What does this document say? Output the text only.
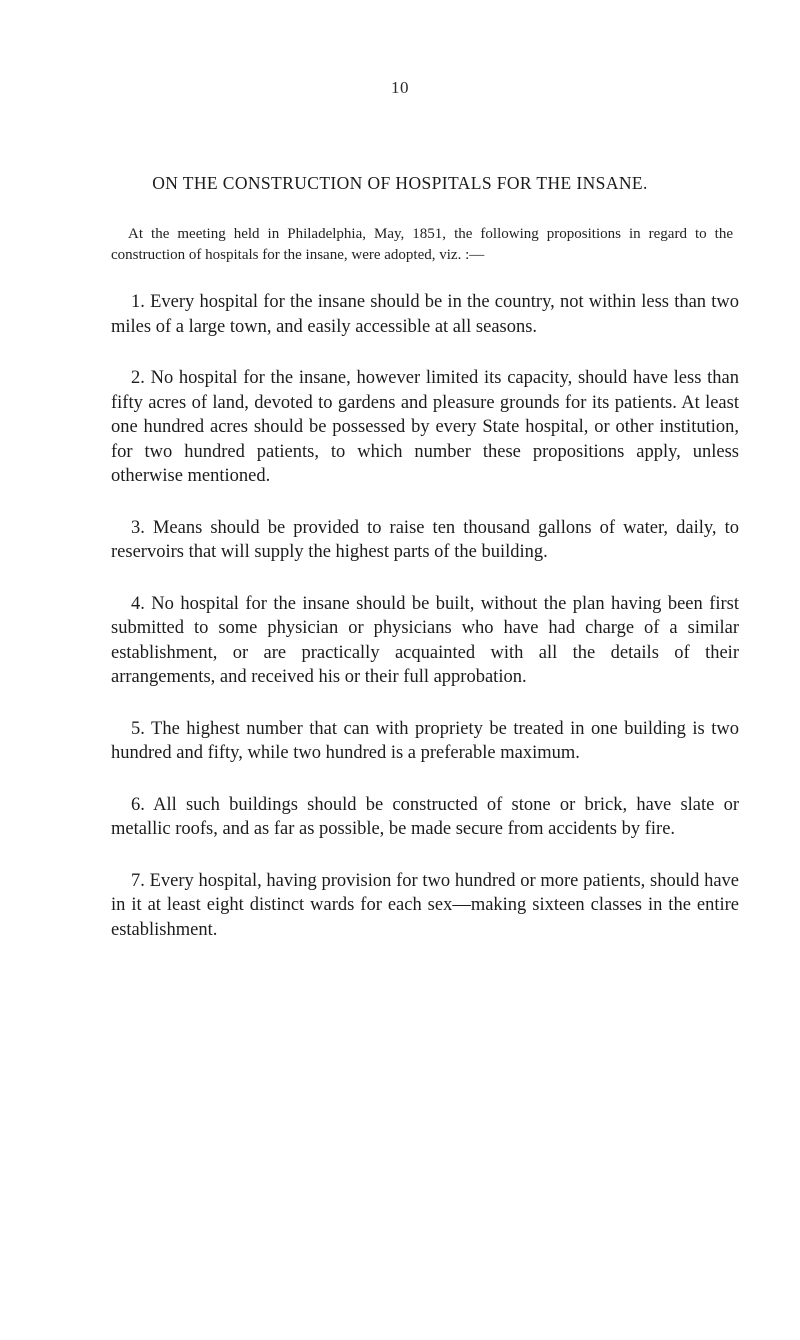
10
ON THE CONSTRUCTION OF HOSPITALS FOR THE INSANE.

At the meeting held in Philadelphia, May, 1851, the following propositions in regard to the construction of hospitals for the insane, were adopted, viz. :—

1. Every hospital for the insane should be in the country, not within less than two miles of a large town, and easily accessible at all seasons.
2. No hospital for the insane, however limited its capacity, should have less than fifty acres of land, devoted to gardens and pleasure grounds for its patients. At least one hundred acres should be possessed by every State hospital, or other institution, for two hundred patients, to which number these propositions apply, unless otherwise mentioned.
3. Means should be provided to raise ten thousand gallons of water, daily, to reservoirs that will supply the highest parts of the building.
4. No hospital for the insane should be built, without the plan having been first submitted to some physician or physicians who have had charge of a similar establishment, or are practically acquainted with all the details of their arrangements, and received his or their full approbation.
5. The highest number that can with propriety be treated in one building is two hundred and fifty, while two hundred is a preferable maximum.
6. All such buildings should be constructed of stone or brick, have slate or metallic roofs, and as far as possible, be made secure from accidents by fire.
7. Every hospital, having provision for two hundred or more patients, should have in it at least eight distinct wards for each sex—making sixteen classes in the entire establishment.
